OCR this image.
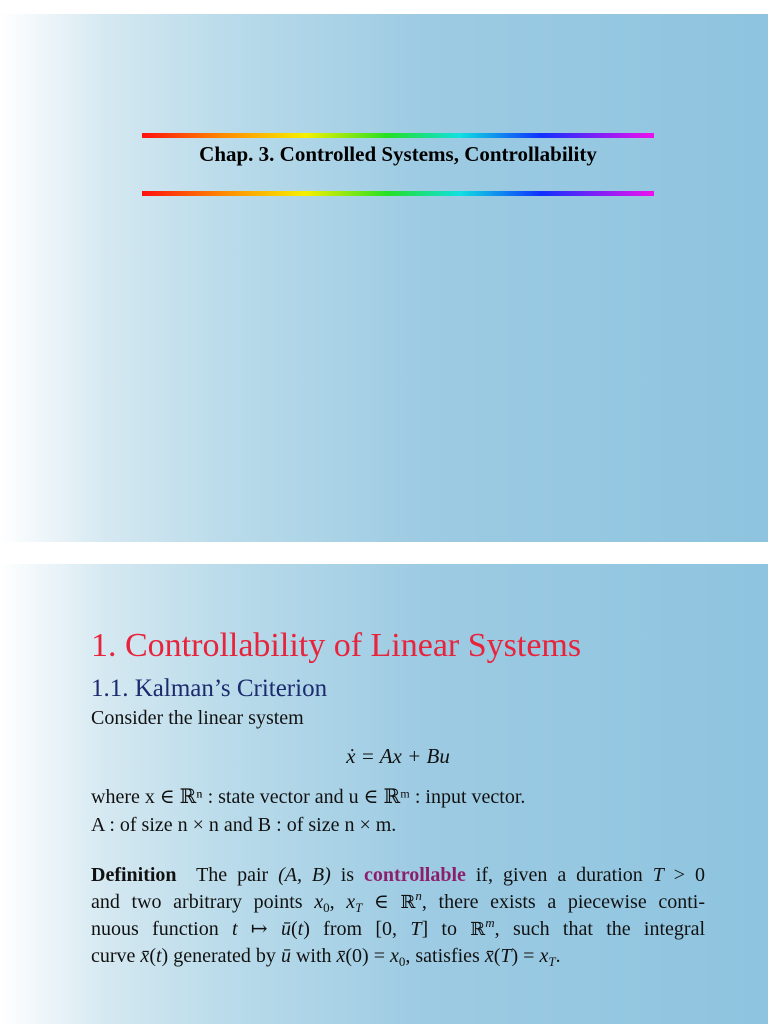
Chap. 3. Controlled Systems, Controllability
1. Controllability of Linear Systems
1.1. Kalman’s Criterion
Consider the linear system
ẋ = Ax + Bu
where x ∈ ℝⁿ : state vector and u ∈ ℝᵐ : input vector.
A : of size n × n and B : of size n × m.
Definition  The pair (A, B) is controllable if, given a duration T > 0
and two arbitrary points $x_0$, $x_T$ ∈ ℝ$^n$, there exists a piecewise conti-
nuous function t ↦ ū(t) from [0, T] to ℝ$^m$, such that the integral
curve x̄(t) generated by ū with x̄(0) = $x_0$, satisfies x̄(T) = $x_T$.
